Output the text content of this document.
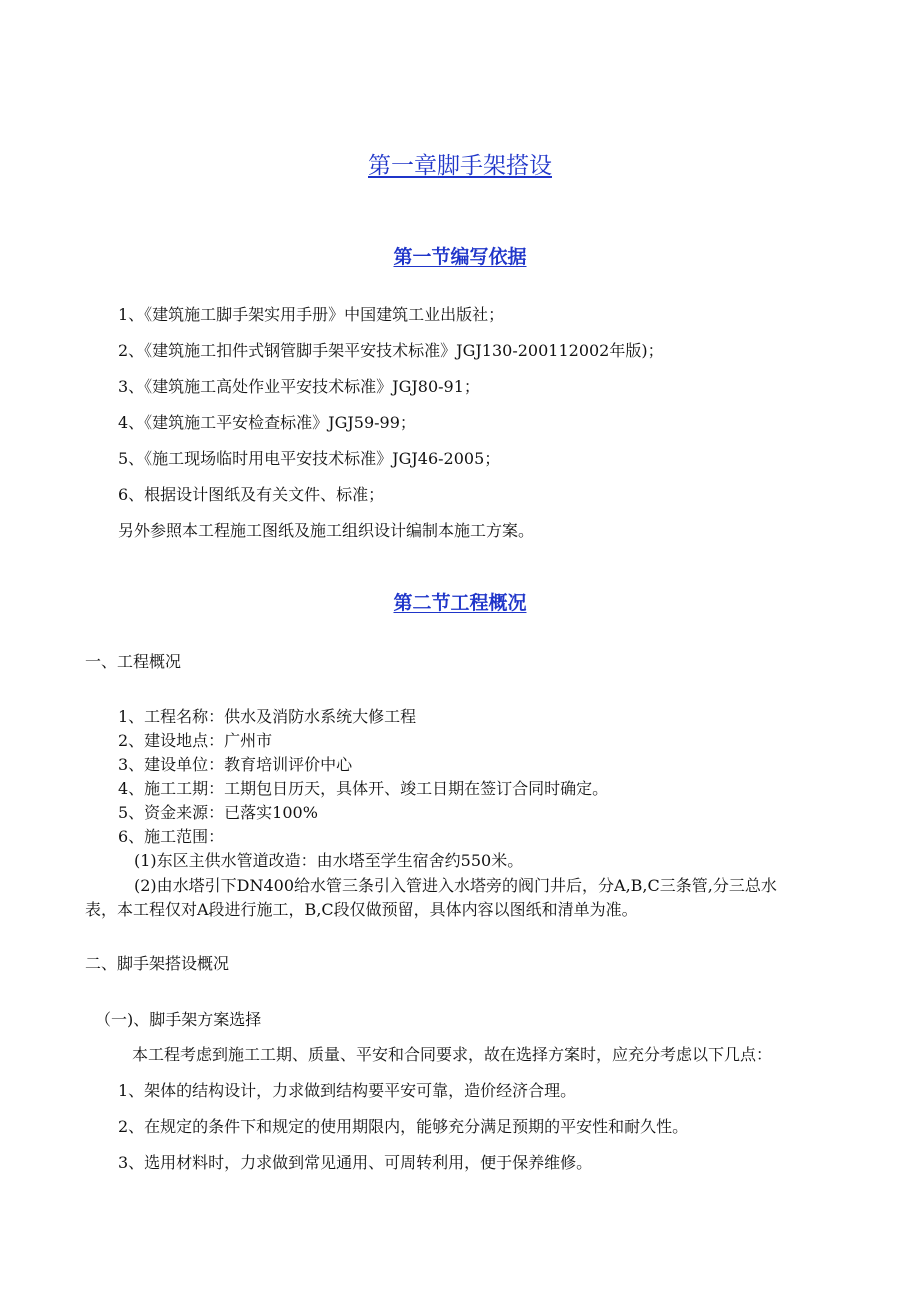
第一章脚手架搭设
第一节编写依据
1、《建筑施工脚手架实用手册》中国建筑工业出版社；
2、《建筑施工扣件式钢管脚手架平安技术标准》JGJ130-200112002年版)；
3、《建筑施工高处作业平安技术标准》JGJ80-91；
4、《建筑施工平安检查标准》JGJ59-99；
5、《施工现场临时用电平安技术标准》JGJ46-2005；
6、根据设计图纸及有关文件、标准；
另外参照本工程施工图纸及施工组织设计编制本施工方案。
第二节工程概况
一、工程概况
1、工程名称：供水及消防水系统大修工程
2、建设地点：广州市
3、建设单位：教育培训评价中心
4、施工工期：工期包日历天，具体开、竣工日期在签订合同时确定。
5、资金来源：已落实100%
6、施工范围：
(1)东区主供水管道改造：由水塔至学生宿舍约550米。
(2)由水塔引下DN400给水管三条引入管进入水塔旁的阀门井后，分A,B,C三条管,分三总水
表，本工程仅对A段进行施工，B,C段仅做预留，具体内容以图纸和清单为准。
二、脚手架搭设概况
（一)、脚手架方案选择
本工程考虑到施工工期、质量、平安和合同要求，故在选择方案时，应充分考虑以下几点：
1、架体的结构设计，力求做到结构要平安可靠，造价经济合理。
2、在规定的条件下和规定的使用期限内，能够充分满足预期的平安性和耐久性。
3、选用材料时，力求做到常见通用、可周转利用，便于保养维修。
